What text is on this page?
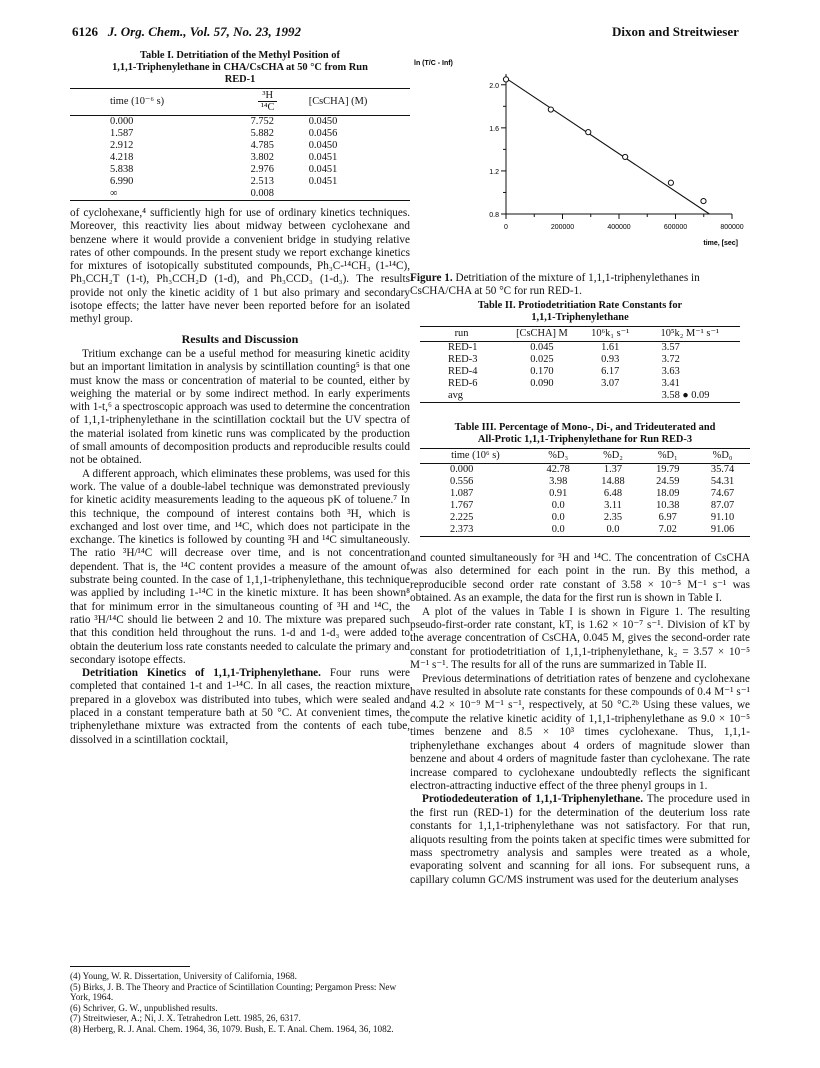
6126 J. Org. Chem., Vol. 57, No. 23, 1992	Dixon and Streitwieser
Table I. Detritiation of the Methyl Position of
1,1,1-Triphenylethane in CHA/CsCHA at 50 °C from Run
RED-1
time (10⁻⁶ s)	$\frac{\text{³H}}{\text{¹⁴C}}$	[CsCHA] (M)
0.000	7.752	0.0450
1.587	5.882	0.0456
2.912	4.785	0.0450
4.218	3.802	0.0451
5.838	2.976	0.0451
6.990	2.513	0.0451
∞	0.008	

of cyclohexane,⁴ sufficiently high for use of ordinary kinetics techniques. Moreover, this reactivity lies about midway between cyclohexane and benzene where it would provide a convenient bridge in studying relative rates of other compounds. In the present study we report exchange kinetics for mixtures of isotopically substituted compounds, Ph₃C-¹⁴CH₃ (1-¹⁴C), Ph₃CCH₂T (1-t), Ph₃CCH₂D (1-d), and Ph₃CCD₃ (1-d₃). The results provide not only the kinetic acidity of 1 but also primary and secondary isotope effects; the latter have never been reported before for an isolated methyl group.

Results and Discussion

Tritium exchange can be a useful method for measuring kinetic acidity but an important limitation in analysis by scintillation counting⁵ is that one must know the mass or concentration of material to be counted, either by weighing the material or by some indirect method. In early experiments with 1-t,⁶ a spectroscopic approach was used to determine the concentration of 1,1,1-triphenylethane in the scintillation cocktail but the UV spectra of the material isolated from kinetic runs was complicated by the production of small amounts of decomposition products and reproducible results could not be obtained.

A different approach, which eliminates these problems, was used for this work. The value of a double-label technique was demonstrated previously for kinetic acidity measurements leading to the aqueous pK of toluene.⁷ In this technique, the compound of interest contains both ³H, which is exchanged and lost over time, and ¹⁴C, which does not participate in the exchange. The kinetics is followed by counting ³H and ¹⁴C simultaneously. The ratio ³H/¹⁴C will decrease over time, and is not concentration dependent. That is, the ¹⁴C content provides a measure of the amount of substrate being counted. In the case of 1,1,1-triphenylethane, this technique was applied by including 1-¹⁴C in the kinetic mixture. It has been shown⁸ that for minimum error in the simultaneous counting of ³H and ¹⁴C, the ratio ³H/¹⁴C should lie between 2 and 10. The mixture was prepared such that this condition held throughout the runs. 1-d and 1-d₃ were added to obtain the deuterium loss rate constants needed to calculate the primary and secondary isotope effects.

Detritiation Kinetics of 1,1,1-Triphenylethane. Four runs were completed that contained 1-t and 1-¹⁴C. In all cases, the reaction mixture prepared in a glovebox was distributed into tubes, which were sealed and placed in a constant temperature bath at 50 °C. At convenient times, the triphenylethane mixture was extracted from the contents of each tube, dissolved in a scintillation cocktail,

(4) Young, W. R. Dissertation, University of California, 1968.
(5) Birks, J. B. The Theory and Practice of Scintillation Counting; Pergamon Press: New York, 1964.
(6) Schriver, G. W., unpublished results.
(7) Streitwieser, A.; Ni, J. X. Tetrahedron Lett. 1985, 26, 6317.
(8) Herberg, R. J. Anal. Chem. 1964, 36, 1079. Bush, E. T. Anal. Chem. 1964, 36, 1082.
0.8
1.2
1.6
2.0
0	200000	400000	600000	800000
ln (T/C - Inf)
time, [sec]
Figure 1. Detritiation of the mixture of 1,1,1-triphenylethanes in CsCHA/CHA at 50 °C for run RED-1.
Table II. Protiodetritiation Rate Constants for
1,1,1-Triphenylethane
run	[CsCHA] M	10⁶k₁ s⁻¹	10⁵k₂ M⁻¹ s⁻¹
RED-1	0.045	1.61	3.57
RED-3	0.025	0.93	3.72
RED-4	0.170	6.17	3.63
RED-6	0.090	3.07	3.41
avg			3.58 ● 0.09
Table III. Percentage of Mono-, Di-, and Trideuterated and
All-Protic 1,1,1-Triphenylethane for Run RED-3
time (10⁶ s)	%D₃	%D₂	%D₁	%D₀
0.000	42.78	1.37	19.79	35.74
0.556	3.98	14.88	24.59	54.31
1.087	0.91	6.48	18.09	74.67
1.767	0.0	3.11	10.38	87.07
2.225	0.0	2.35	6.97	91.10
2.373	0.0	0.0	7.02	91.06

and counted simultaneously for ³H and ¹⁴C. The concentration of CsCHA was also determined for each point in the run. By this method, a reproducible second order rate constant of 3.58 × 10⁻⁵ M⁻¹ s⁻¹ was obtained. As an example, the data for the first run is shown in Table I.

A plot of the values in Table I is shown in Figure 1. The resulting pseudo-first-order rate constant, kT, is 1.62 × 10⁻⁷ s⁻¹. Division of kT by the average concentration of CsCHA, 0.045 M, gives the second-order rate constant for protiodetritiation of 1,1,1-triphenylethane, k₂ = 3.57 × 10⁻⁵ M⁻¹ s⁻¹. The results for all of the runs are summarized in Table II.

Previous determinations of detritiation rates of benzene and cyclohexane have resulted in absolute rate constants for these compounds of 0.4 M⁻¹ s⁻¹ and 4.2 × 10⁻⁹ M⁻¹ s⁻¹, respectively, at 50 °C.²ᵇ Using these values, we compute the relative kinetic acidity of 1,1,1-triphenylethane as 9.0 × 10⁻⁵ times benzene and 8.5 × 10³ times cyclohexane. Thus, 1,1,1-triphenylethane exchanges about 4 orders of magnitude slower than benzene and about 4 orders of magnitude faster than cyclohexane. The rate increase compared to cyclohexane undoubtedly reflects the significant electron-attracting inductive effect of the three phenyl groups in 1.

Protiodedeuteration of 1,1,1-Triphenylethane. The procedure used in the first run (RED-1) for the determination of the deuterium loss rate constants for 1,1,1-triphenylethane was not satisfactory. For that run, aliquots resulting from the points taken at specific times were submitted for mass spectrometry analysis and samples were treated as a whole, evaporating solvent and scanning for all ions. For subsequent runs, a capillary column GC/MS instrument was used for the deuterium analyses
